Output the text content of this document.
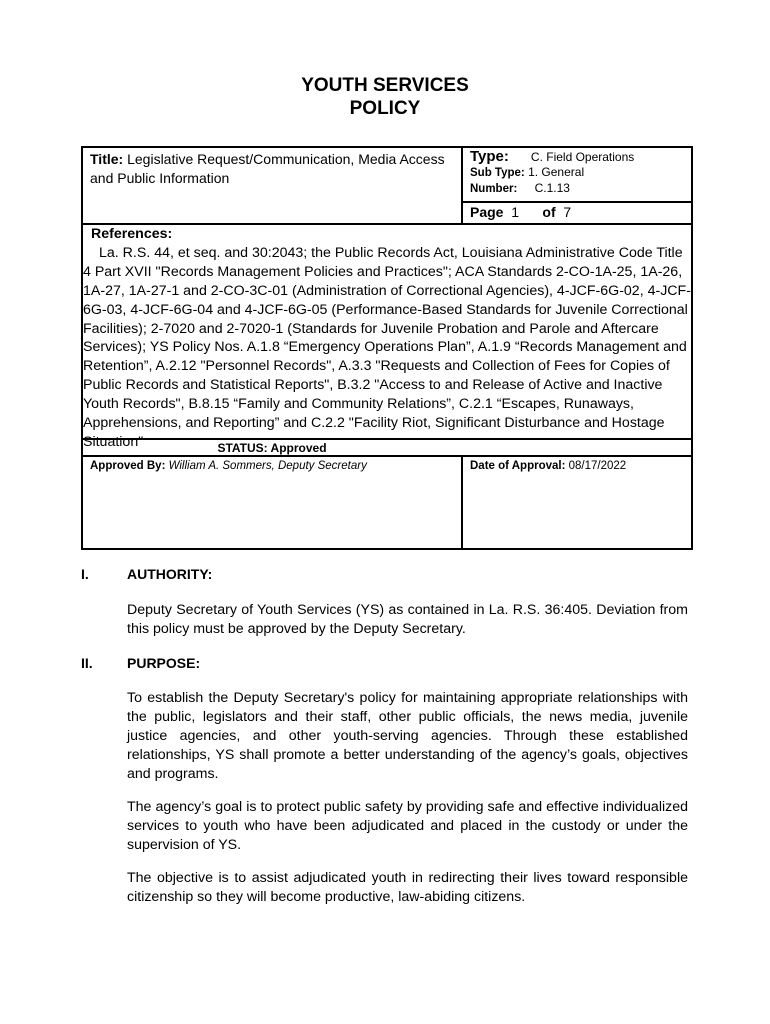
YOUTH SERVICES
POLICY
Title: Legislative Request/Communication, Media Access and Public Information
Type: C. Field Operations
Sub Type: 1. General
Number: C.1.13
Page 1 of 7
References:
La. R.S. 44, et seq. and 30:2043; the Public Records Act, Louisiana Administrative Code Title 4 Part XVII "Records Management Policies and Practices"; ACA Standards 2-CO-1A-25, 1A-26, 1A-27, 1A-27-1 and 2-CO-3C-01 (Administration of Correctional Agencies), 4-JCF-6G-02, 4-JCF-6G-03, 4-JCF-6G-04 and 4-JCF-6G-05 (Performance-Based Standards for Juvenile Correctional Facilities); 2-7020 and 2-7020-1 (Standards for Juvenile Probation and Parole and Aftercare Services); YS Policy Nos. A.1.8 “Emergency Operations Plan”, A.1.9 “Records Management and Retention”, A.2.12 "Personnel Records", A.3.3 "Requests and Collection of Fees for Copies of Public Records and Statistical Reports", B.3.2 "Access to and Release of Active and Inactive Youth Records", B.8.15 “Family and Community Relations”, C.2.1 “Escapes, Runaways, Apprehensions, and Reporting” and C.2.2 "Facility Riot, Significant Disturbance and Hostage Situation"	STATUS: Approved
Approved By: William A. Sommers, Deputy Secretary	Date of Approval: 08/17/2022
I.	AUTHORITY:
Deputy Secretary of Youth Services (YS) as contained in La. R.S. 36:405. Deviation from this policy must be approved by the Deputy Secretary.
II. PURPOSE:
To establish the Deputy Secretary's policy for maintaining appropriate relationships with the public, legislators and their staff, other public officials, the news media, juvenile justice agencies, and other youth-serving agencies. Through these established relationships, YS shall promote a better understanding of the agency’s goals, objectives and programs.
The agency’s goal is to protect public safety by providing safe and effective individualized services to youth who have been adjudicated and placed in the custody or under the supervision of YS.
The objective is to assist adjudicated youth in redirecting their lives toward responsible citizenship so they will become productive, law-abiding citizens.
